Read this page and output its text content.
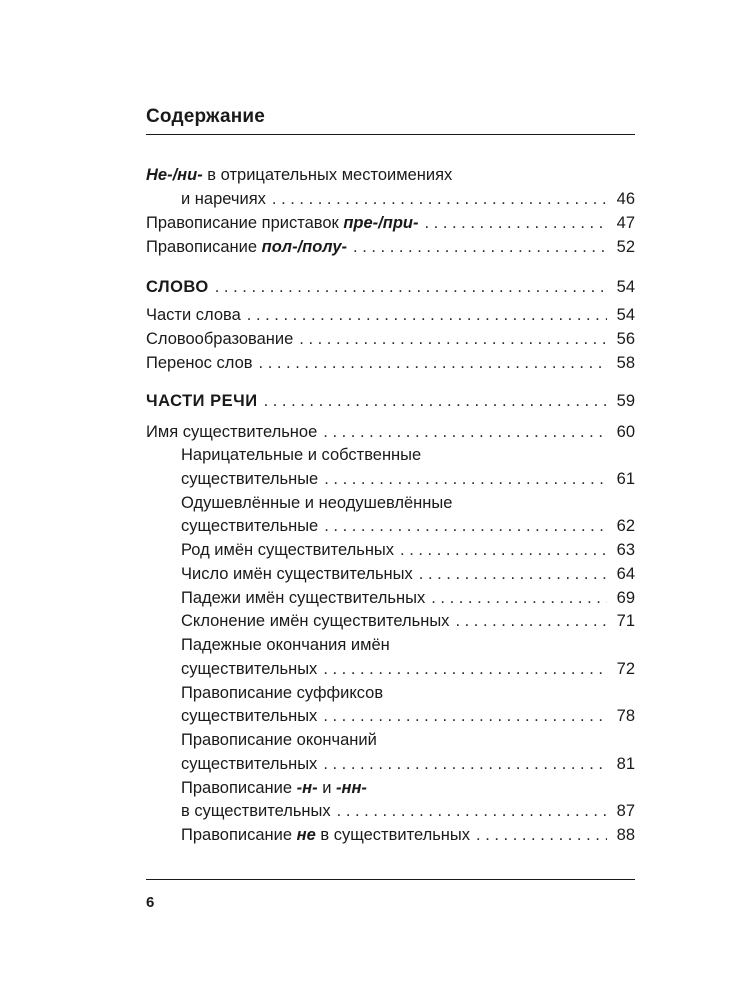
Содержание
Не-/ни- в отрицательных местоимениях
и наречиях . . .	46
Правописание приставок пре-/при- . . .	47
Правописание пол-/полу- . . .	52
СЛОВО . . .	54
Части слова . . .	54
Словообразование . . .	56
Перенос слов . . .	58
ЧАСТИ РЕЧИ . . .	59
Имя существительное . . .	60
Нарицательные и собственные
существительные . . .	61
Одушевлённые и неодушевлённые
существительные . . .	62
Род имён существительных . . .	63
Число имён существительных . . .	64
Падежи имён существительных . . .	69
Склонение имён существительных . . .	71
Падежные окончания имён
существительных . . .	72
Правописание суффиксов
существительных . . .	78
Правописание окончаний
существительных . . .	81
Правописание -н- и -нн-
в существительных . . .	87
Правописание не в существительных . . .	88
6
